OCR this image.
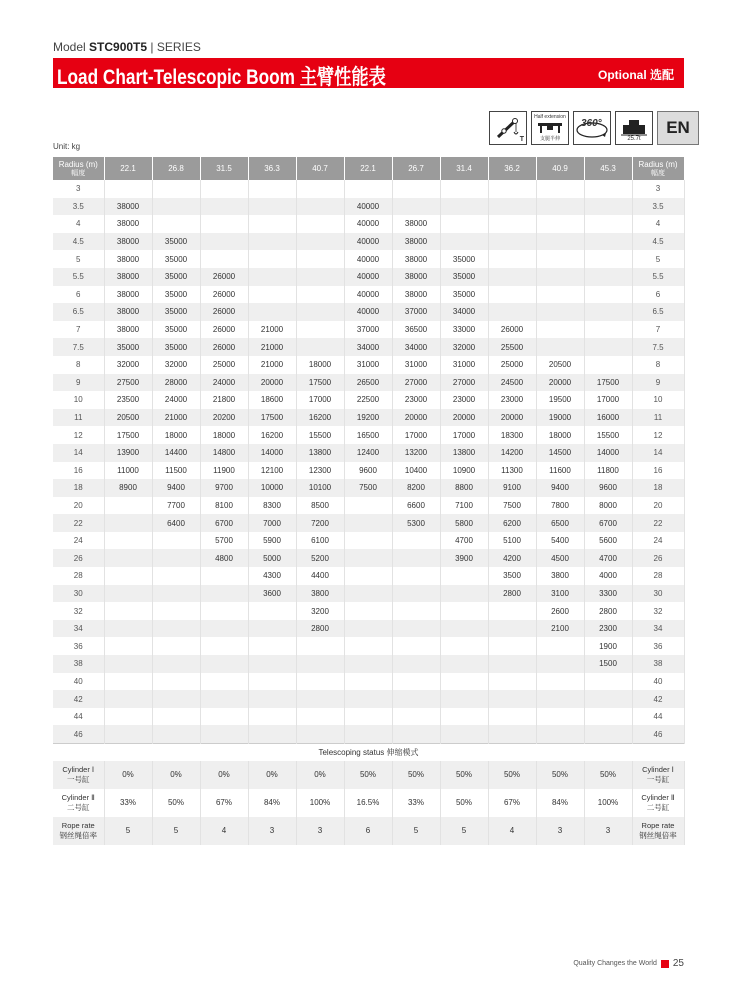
Model STC900T5 | SERIES
Load Chart-Telescopic Boom 主臂性能表	Optional 选配
T
Half extension
支腿半伸
360°
25.7t
EN
Unit: kg
Radius (m)
幅度	22.1	26.8	31.5	36.3	40.7	22.1	26.7	31.4	36.2	40.9	45.3	Radius (m)
幅度

3												3
3.5	38000					40000						3.5
4	38000					40000	38000					4
4.5	38000	35000				40000	38000					4.5
5	38000	35000				40000	38000	35000				5
5.5	38000	35000	26000			40000	38000	35000				5.5
6	38000	35000	26000			40000	38000	35000				6
6.5	38000	35000	26000			40000	37000	34000				6.5
7	38000	35000	26000	21000		37000	36500	33000	26000			7
7.5	35000	35000	26000	21000		34000	34000	32000	25500			7.5
8	32000	32000	25000	21000	18000	31000	31000	31000	25000	20500		8
9	27500	28000	24000	20000	17500	26500	27000	27000	24500	20000	17500	9
10	23500	24000	21800	18600	17000	22500	23000	23000	23000	19500	17000	10
11	20500	21000	20200	17500	16200	19200	20000	20000	20000	19000	16000	11
12	17500	18000	18000	16200	15500	16500	17000	17000	18300	18000	15500	12
14	13900	14400	14800	14000	13800	12400	13200	13800	14200	14500	14000	14
16	11000	11500	11900	12100	12300	9600	10400	10900	11300	11600	11800	16
18	8900	9400	9700	10000	10100	7500	8200	8800	9100	9400	9600	18
20		7700	8100	8300	8500		6600	7100	7500	7800	8000	20
22		6400	6700	7000	7200		5300	5800	6200	6500	6700	22
24			5700	5900	6100			4700	5100	5400	5600	24
26			4800	5000	5200			3900	4200	4500	4700	26
28				4300	4400				3500	3800	4000	28
30				3600	3800				2800	3100	3300	30
32					3200					2600	2800	32
34					2800					2100	2300	34
36											1900	36
38											1500	38
40												40
42												42
44												44
46												46
Telescoping status 伸缩模式												
Cylinder Ⅰ
一号缸	0%	0%	0%	0%	0%	50%	50%	50%	50%	50%	50%	Cylinder Ⅰ
一号缸

Cylinder Ⅱ
二号缸	33%	50%	67%	84%	100%	16.5%	33%	50%	67%	84%	100%	Cylinder Ⅱ
二号缸

Rope rate
钢丝绳倍率	5	5	4	3	3	6	5	5	4	3	3	Rope rate
钢丝绳倍率
Quality Changes the World 25
